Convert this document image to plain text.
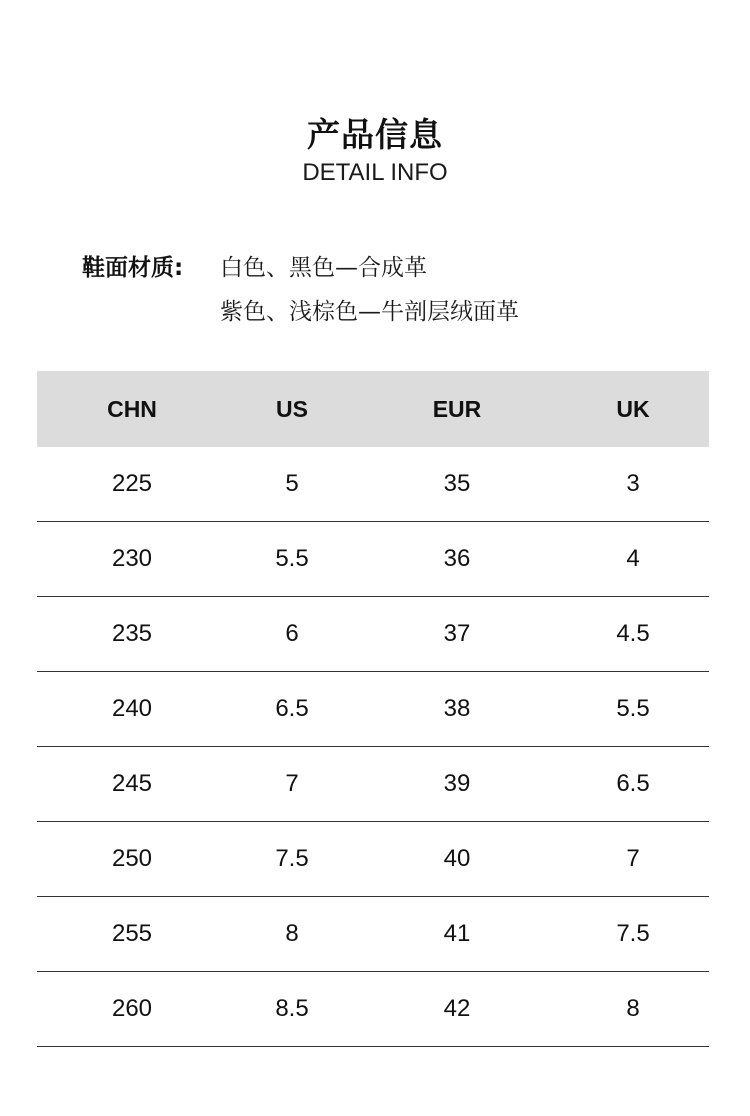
产品信息
DETAIL INFO
鞋面材质: 白色、黑色—合成革
紫色、浅棕色—牛剖层绒面革
CHN	US	EUR	UK
225	5	35	3
230	5.5	36	4
235	6	37	4.5
240	6.5	38	5.5
245	7	39	6.5
250	7.5	40	7
255	8	41	7.5
260	8.5	42	8
